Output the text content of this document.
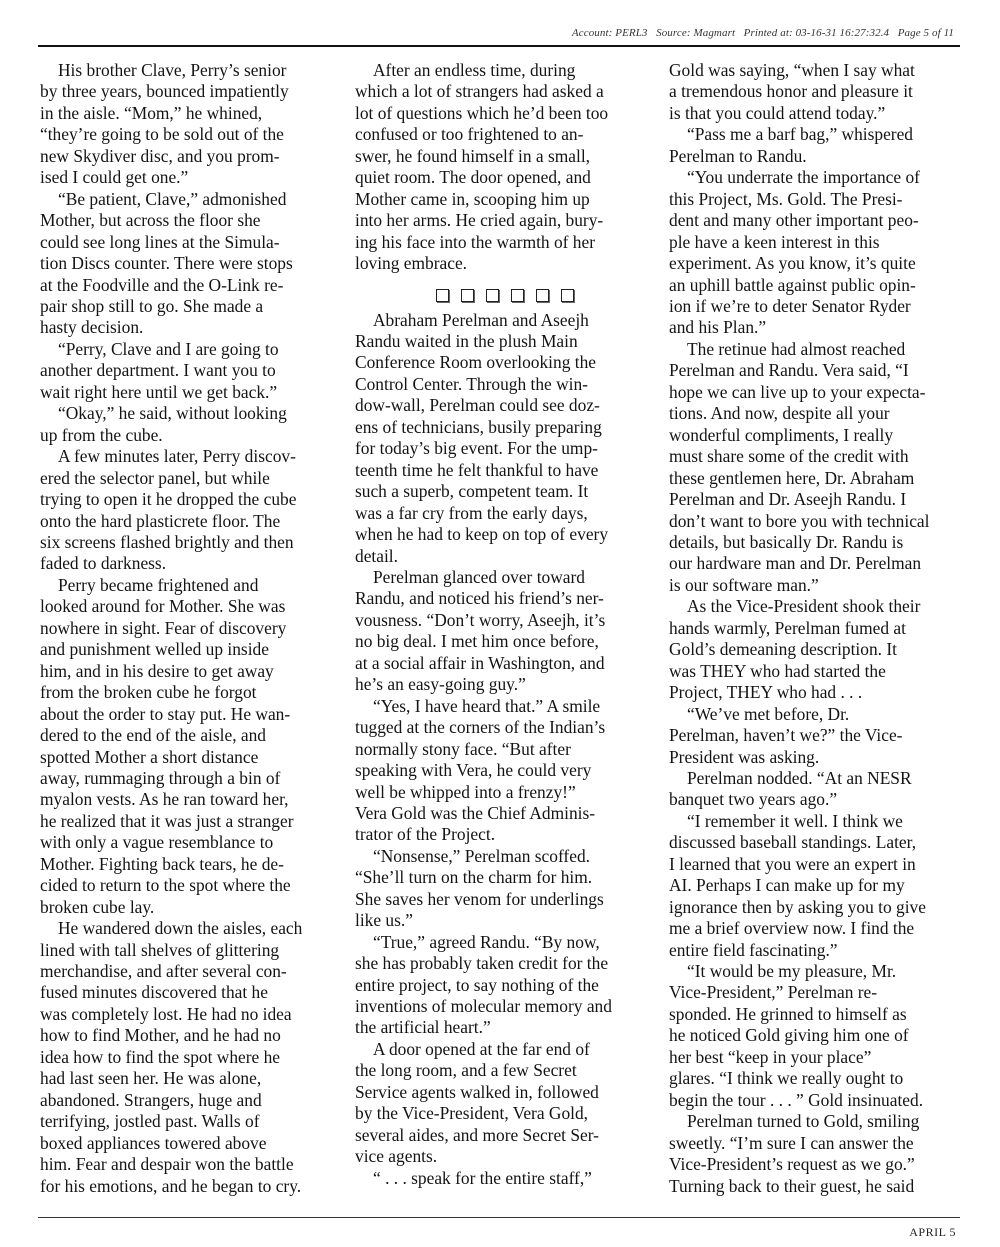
Account: PERL3 Source: Magmart Printed at: 03-16-31 16:27:32.4 Page 5 of 11

His brother Clave, Perry’s senior

by three years, bounced impatiently

in the aisle. “Mom,” he whined,

“they’re going to be sold out of the

new Skydiver disc, and you prom-

ised I could get one.”

“Be patient, Clave,” admonished

Mother, but across the floor she

could see long lines at the Simula-

tion Discs counter. There were stops

at the Foodville and the O-Link re-

pair shop still to go. She made a

hasty decision.

“Perry, Clave and I are going to

another department. I want you to

wait right here until we get back.”

“Okay,” he said, without looking

up from the cube.

A few minutes later, Perry discov-

ered the selector panel, but while

trying to open it he dropped the cube

onto the hard plasticrete floor. The

six screens flashed brightly and then

faded to darkness.

Perry became frightened and

looked around for Mother. She was

nowhere in sight. Fear of discovery

and punishment welled up inside

him, and in his desire to get away

from the broken cube he forgot

about the order to stay put. He wan-

dered to the end of the aisle, and

spotted Mother a short distance

away, rummaging through a bin of

myalon vests. As he ran toward her,

he realized that it was just a stranger

with only a vague resemblance to

Mother. Fighting back tears, he de-

cided to return to the spot where the

broken cube lay.

He wandered down the aisles, each

lined with tall shelves of glittering

merchandise, and after several con-

fused minutes discovered that he

was completely lost. He had no idea

how to find Mother, and he had no

idea how to find the spot where he

had last seen her. He was alone,

abandoned. Strangers, huge and

terrifying, jostled past. Walls of

boxed appliances towered above

him. Fear and despair won the battle

for his emotions, and he began to cry.

After an endless time, during

which a lot of strangers had asked a

lot of questions which he’d been too

confused or too frightened to an-

swer, he found himself in a small,

quiet room. The door opened, and

Mother came in, scooping him up

into her arms. He cried again, bury-

ing his face into the warmth of her

loving embrace.

Abraham Perelman and Aseejh

Randu waited in the plush Main

Conference Room overlooking the

Control Center. Through the win-

dow-wall, Perelman could see doz-

ens of technicians, busily preparing

for today’s big event. For the ump-

teenth time he felt thankful to have

such a superb, competent team. It

was a far cry from the early days,

when he had to keep on top of every

detail.

Perelman glanced over toward

Randu, and noticed his friend’s ner-

vousness. “Don’t worry, Aseejh, it’s

no big deal. I met him once before,

at a social affair in Washington, and

he’s an easy-going guy.”

“Yes, I have heard that.” A smile

tugged at the corners of the Indian’s

normally stony face. “But after

speaking with Vera, he could very

well be whipped into a frenzy!”

Vera Gold was the Chief Adminis-

trator of the Project.

“Nonsense,” Perelman scoffed.

“She’ll turn on the charm for him.

She saves her venom for underlings

like us.”

“True,” agreed Randu. “By now,

she has probably taken credit for the

entire project, to say nothing of the

inventions of molecular memory and

the artificial heart.”

A door opened at the far end of

the long room, and a few Secret

Service agents walked in, followed

by the Vice-President, Vera Gold,

several aides, and more Secret Ser-

vice agents.

“ . . . speak for the entire staff,”

Gold was saying, “when I say what

a tremendous honor and pleasure it

is that you could attend today.”

“Pass me a barf bag,” whispered

Perelman to Randu.

“You underrate the importance of

this Project, Ms. Gold. The Presi-

dent and many other important peo-

ple have a keen interest in this

experiment. As you know, it’s quite

an uphill battle against public opin-

ion if we’re to deter Senator Ryder

and his Plan.”

The retinue had almost reached

Perelman and Randu. Vera said, “I

hope we can live up to your expecta-

tions. And now, despite all your

wonderful compliments, I really

must share some of the credit with

these gentlemen here, Dr. Abraham

Perelman and Dr. Aseejh Randu. I

don’t want to bore you with technical

details, but basically Dr. Randu is

our hardware man and Dr. Perelman

is our software man.”

As the Vice-President shook their

hands warmly, Perelman fumed at

Gold’s demeaning description. It

was THEY who had started the

Project, THEY who had . . .

“We’ve met before, Dr.

Perelman, haven’t we?” the Vice-

President was asking.

Perelman nodded. “At an NESR

banquet two years ago.”

“I remember it well. I think we

discussed baseball standings. Later,

I learned that you were an expert in

AI. Perhaps I can make up for my

ignorance then by asking you to give

me a brief overview now. I find the

entire field fascinating.”

“It would be my pleasure, Mr.

Vice-President,” Perelman re-

sponded. He grinned to himself as

he noticed Gold giving him one of

her best “keep in your place”

glares. “I think we really ought to

begin the tour . . . ” Gold insinuated.

Perelman turned to Gold, smiling

sweetly. “I’m sure I can answer the

Vice-President’s request as we go.”

Turning back to their guest, he said

APRIL 5
